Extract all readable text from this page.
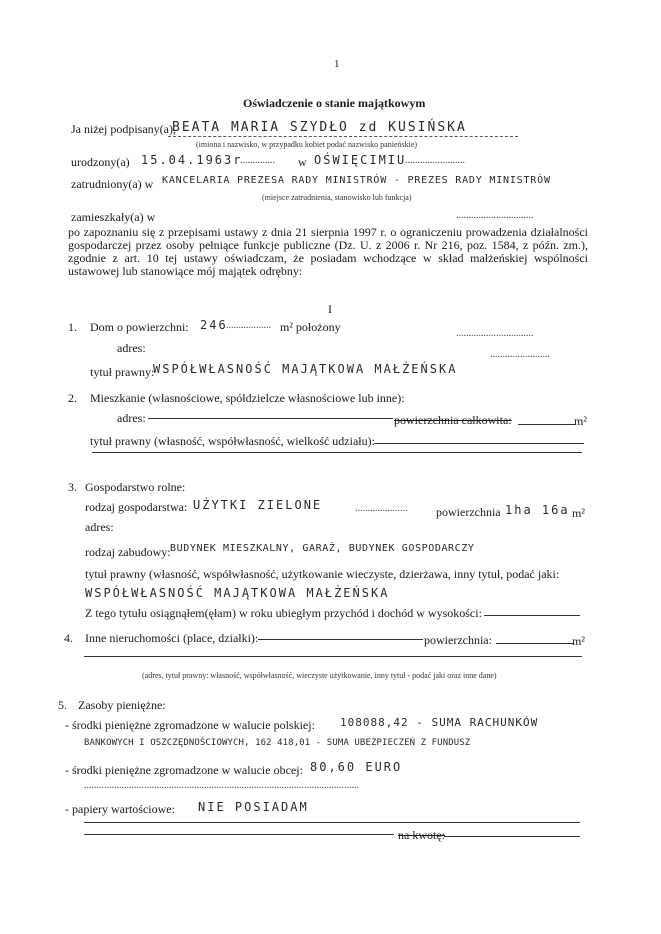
1
Oświadczenie o stanie majątkowym
Ja niżej podpisany(a),
BEATA MARIA SZYDŁO zd KUSIŃSKA
(imiona i nazwisko, w przypadku kobiet podać nazwisko panieńskie)
urodzony(a) 15.04.1963r
.............. w OŚWIĘCIMIU
........................
zatrudniony(a) w KANCELARIA PREZESA RADY MINISTRÓW - PREZES RADY MINISTRÓW
(miejsce zatrudnienia, stanowisko lub funkcja)
zamieszkały(a) w	...............................
po zapoznaniu się z przepisami ustawy z dnia 21 sierpnia 1997 r. o ograniczeniu prowadzenia działalności gospodarczej przez osoby pełniące funkcje publiczne (Dz. U. z 2006 r. Nr 216, poz. 1584, z późn. zm.), zgodnie z art. 10 tej ustawy oświadczam, że posiadam wchodzące w skład małżeńskiej wspólności ustawowej lub stanowiące mój majątek odrębny:
I
1. Dom o powierzchni: 246
.................. m² położony	...............................
adres:	........................
tytuł prawny:
WSPÓŁWŁASNOŚĆ MAJĄTKOWA MAŁŻEŃSKA
2. Mieszkanie (własnościowe, spółdzielcze własnościowe lub inne):
adres:	powierzchnia całkowita:	m²
tytuł prawny (własność, współwłasność, wielkość udziału):
3. Gospodarstwo rolne:
rodzaj gospodarstwa: UŻYTKI ZIELONE	..................... powierzchnia 1ha 16a m²
adres:
rodzaj zabudowy: BUDYNEK MIESZKALNY, GARAŻ, BUDYNEK GOSPODARCZY
tytuł prawny (własność, współwłasność, użytkowanie wieczyste, dzierżawa, inny tytuł, podać jaki:
WSPÓŁWŁASNOŚĆ MAJĄTKOWA MAŁŻEŃSKA
Z tego tytułu osiągnąłem(ęłam) w roku ubiegłym przychód i dochód w wysokości:
4. Inne nieruchomości (place, działki):	powierzchnia:	m²
(adres, tytuł prawny: własność, współwłasność, wieczyste użytkowanie, inny tytuł - podać jaki oraz inne dane)
5. Zasoby pieniężne:
- środki pieniężne zgromadzone w walucie polskiej: 108088,42 - SUMA RACHUNKÓW
BANKOWYCH I OSZCZĘDNOŚCIOWYCH, 162 418,01 - SUMA UBEZPIECZEŃ Z FUNDUSZ
- środki pieniężne zgromadzone w walucie obcej: 80,60 EURO
..............................................................................................................
- papiery wartościowe: NIE POSIADAM
na kwotę:
